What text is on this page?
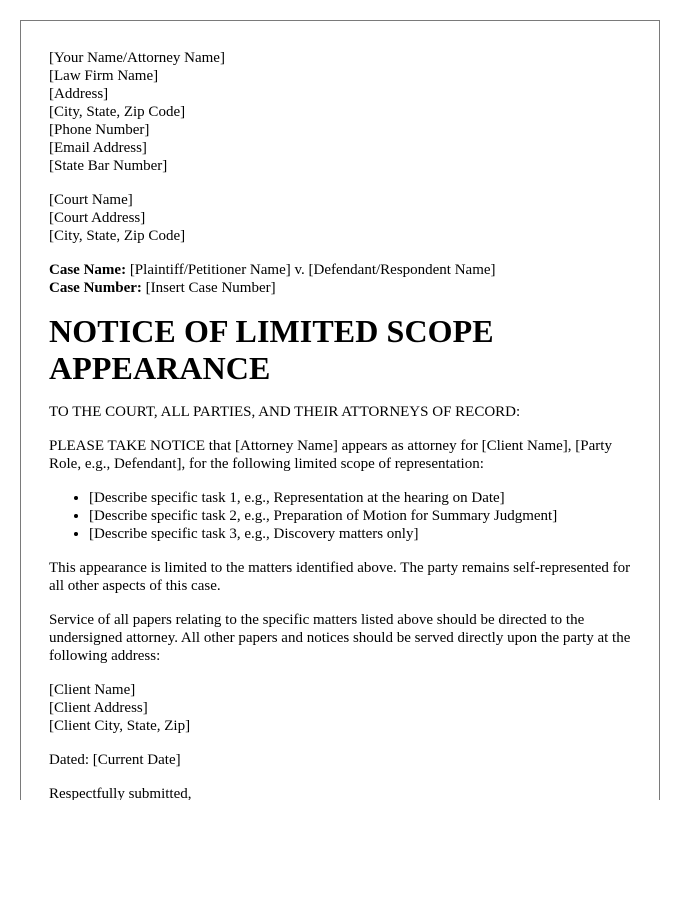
[Your Name/Attorney Name]
[Law Firm Name]
[Address]
[City, State, Zip Code]
[Phone Number]
[Email Address]
[State Bar Number]
[Court Name]
[Court Address]
[City, State, Zip Code]
Case Name: [Plaintiff/Petitioner Name] v. [Defendant/Respondent Name]
Case Number: [Insert Case Number]
NOTICE OF LIMITED SCOPE APPEARANCE

TO THE COURT, ALL PARTIES, AND THEIR ATTORNEYS OF RECORD:

PLEASE TAKE NOTICE that [Attorney Name] appears as attorney for [Client Name], [Party Role, e.g., Defendant], for the following limited scope of representation:

• [Describe specific task 1, e.g., Representation at the hearing on Date]
• [Describe specific task 2, e.g., Preparation of Motion for Summary Judgment]
• [Describe specific task 3, e.g., Discovery matters only]

This appearance is limited to the matters identified above. The party remains self-represented for all other aspects of this case.

Service of all papers relating to the specific matters listed above should be directed to the undersigned attorney. All other papers and notices should be served directly upon the party at the following address:

[Client Name]
[Client Address]
[Client City, State, Zip]

Dated: [Current Date]

Respectfully submitted,
